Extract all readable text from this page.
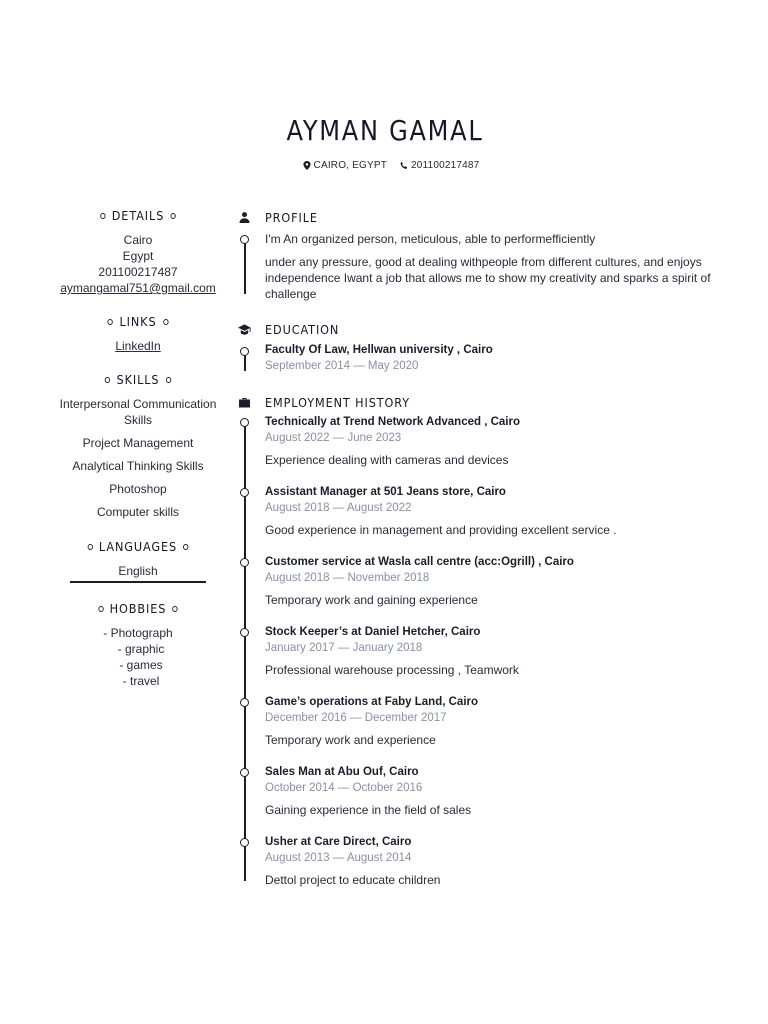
AYMAN GAMAL
CAIRO, EGYPT
201100217487
DETAILS
Cairo
Egypt
201100217487
aymangamal751@gmail.com
LINKS
LinkedIn
SKILLS
Interpersonal Communication Skills
Project Management
Analytical Thinking Skills
Photoshop
Computer skills
LANGUAGES
English
HOBBIES
- Photograph
- graphic
- games
- travel
PROFILE
I'm An organized person, meticulous, able to performefficiently
under any pressure, good at dealing withpeople from different cultures, and enjoys independence Iwant a job that allows me to show my creativity and sparks a spirit of challenge
EDUCATION
Faculty Of Law, Hellwan university , Cairo
September 2014 — May 2020
EMPLOYMENT HISTORY
Technically at Trend Network Advanced , Cairo
August 2022 — June 2023
Experience dealing with cameras and devices
Assistant Manager at 501 Jeans store, Cairo
August 2018 — August 2022
Good experience in management and providing excellent service .
Customer service at Wasla call centre (acc:Ogrill) , Cairo
August 2018 — November 2018
Temporary work and gaining experience
Stock Keeper’s at Daniel Hetcher, Cairo
January 2017 — January 2018
Professional warehouse processing , Teamwork
Game’s operations at Faby Land, Cairo
December 2016 — December 2017
Temporary work and experience
Sales Man at Abu Ouf, Cairo
October 2014 — October 2016
Gaining experience in the field of sales
Usher at Care Direct, Cairo
August 2013 — August 2014
Dettol project to educate children
